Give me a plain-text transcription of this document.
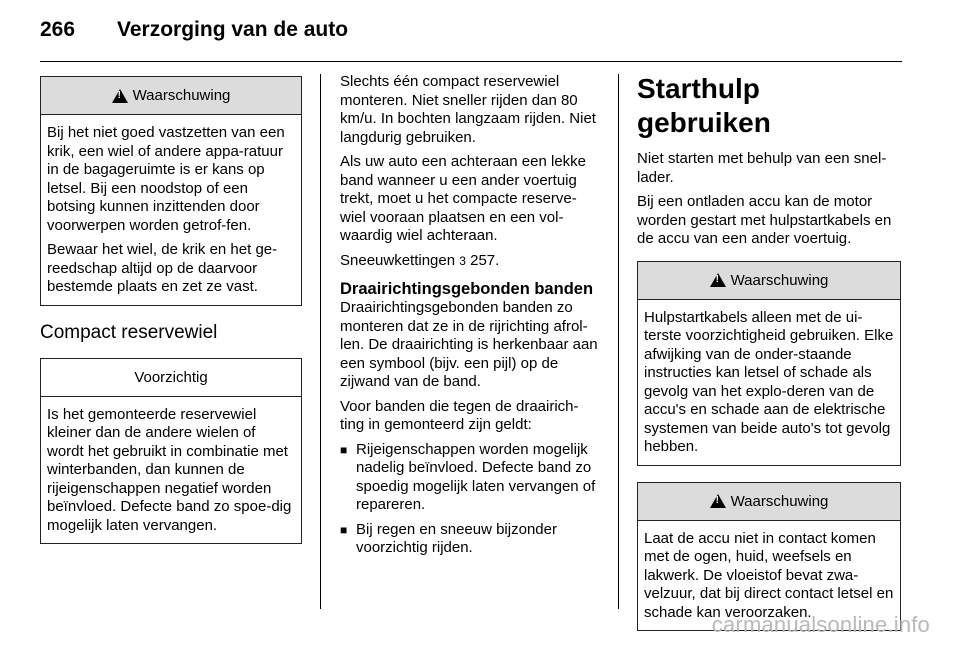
266 Verzorging van de auto
!
Waarschuwing

Bij het niet goed vastzetten van een krik, een wiel of andere appa-ratuur in de bagageruimte is er kans op letsel. Bij een noodstop of een botsing kunnen inzittenden door voorwerpen worden getrof-fen.

Bewaar het wiel, de krik en het ge-reedschap altijd op de daarvoor bestemde plaats en zet ze vast.

Compact reservewiel
Voorzichtig

Is het gemonteerde reservewiel kleiner dan de andere wielen of wordt het gebruikt in combinatie met winterbanden, dan kunnen de rijeigenschappen negatief worden beïnvloed. Defecte band zo spoe-dig mogelijk laten vervangen.

Slechts één compact reservewiel monteren. Niet sneller rijden dan 80 km/u. In bochten langzaam rijden. Niet langdurig gebruiken.

Als uw auto een achteraan een lekke band wanneer u een ander voertuig trekt, moet u het compacte reserve-wiel vooraan plaatsen en een vol-waardig wiel achteraan.

Sneeuwkettingen 3 257.

Draairichtingsgebonden banden

Draairichtingsgebonden banden zo monteren dat ze in de rijrichting afrol-len. De draairichting is herkenbaar aan een symbool (bijv. een pijl) op de zijwand van de band.

Voor banden die tegen de draairich-ting in gemonteerd zijn geldt:

■ Rijeigenschappen worden mogelijk nadelig beïnvloed. Defecte band zo spoedig mogelijk laten vervangen of repareren.
■ Bij regen en sneeuw bijzonder voorzichtig rijden.
Starthulp gebruiken

Niet starten met behulp van een snel-lader.

Bij een ontladen accu kan de motor worden gestart met hulpstartkabels en de accu van een ander voertuig.

!
Waarschuwing

Hulpstartkabels alleen met de ui-terste voorzichtigheid gebruiken. Elke afwijking van de onder-staande instructies kan letsel of schade als gevolg van het explo-deren van de accu's en schade aan de elektrische systemen van beide auto's tot gevolg hebben.

!
Waarschuwing

Laat de accu niet in contact komen met de ogen, huid, weefsels en lakwerk. De vloeistof bevat zwa-velzuur, dat bij direct contact letsel en schade kan veroorzaken.

carmanualsonline.info
